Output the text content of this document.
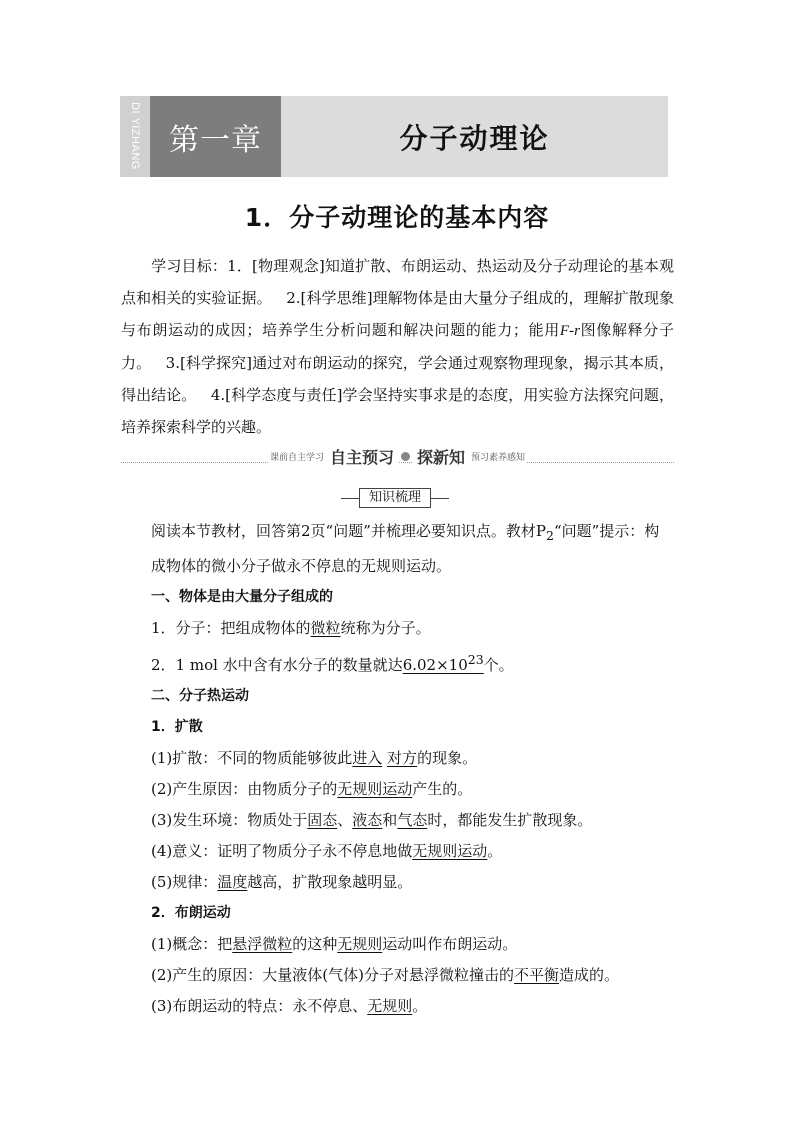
DI YIZHANG 第一章	分子动理论
1．分子动理论的基本内容
学习目标：1．[物理观念]知道扩散、布朗运动、热运动及分子动理论的基本观点和相关的实验证据。 2.[科学思维]理解物体是由大量分子组成的，理解扩散现象与布朗运动的成因；培养学生分析问题和解决问题的能力；能用F-r图像解释分子力。 3.[科学探究]通过对布朗运动的探究，学会通过观察物理现象，揭示其本质，得出结论。 4.[科学态度与责任]学会坚持实事求是的态度，用实验方法探究问题，培养探索科学的兴趣。
课前自主学习 自主预习 探新知 预习素养感知
知识梳理

阅读本节教材，回答第2页“问题”并梳理必要知识点。教材$P_2“$问题”提示：构成物体的微小分子做永不停息的无规则运动。

一、物体是由大量分子组成的

1．分子：把组成物体的微粒统称为分子。

2．1 mol 水中含有水分子的数量就达$6.02\times 10^{23}$个。

二、分子热运动

1．扩散

(1)扩散：不同的物质能够彼此进入 对方的现象。

(2)产生原因：由物质分子的无规则运动产生的。

(3)发生环境：物质处于固态、液态和气态时，都能发生扩散现象。

(4)意义：证明了物质分子永不停息地做无规则运动。

(5)规律：温度越高，扩散现象越明显。

2．布朗运动

(1)概念：把悬浮微粒的这种无规则运动叫作布朗运动。

(2)产生的原因：大量液体(气体)分子对悬浮微粒撞击的不平衡造成的。

(3)布朗运动的特点：永不停息、无规则。
